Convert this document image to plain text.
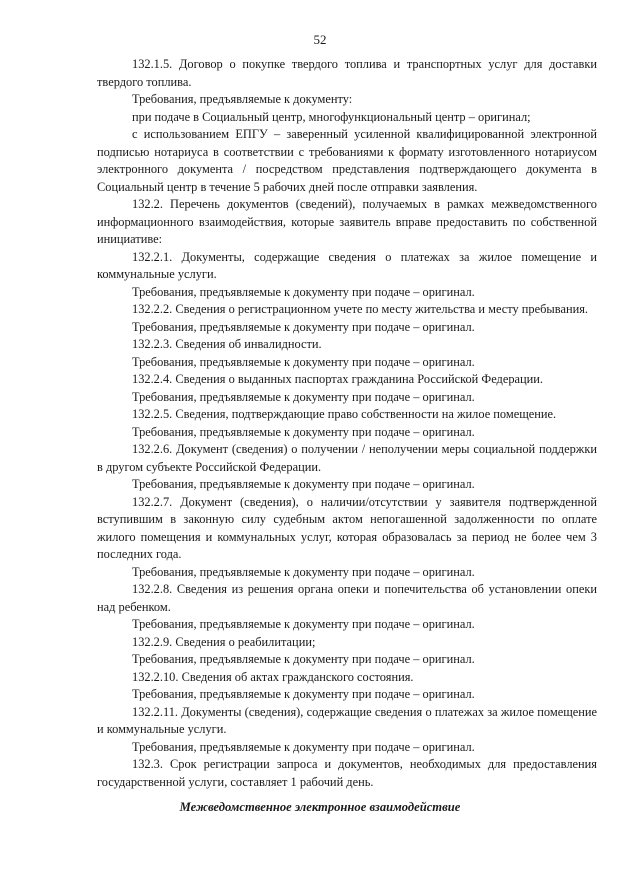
52

132.1.5. Договор о покупке твердого топлива и транспортных услуг для доставки твердого топлива.

Требования, предъявляемые к документу:

при подаче в Социальный центр, многофункциональный центр – оригинал;

с использованием ЕПГУ – заверенный усиленной квалифицированной электронной подписью нотариуса в соответствии с требованиями к формату изготовленного нотариусом электронного документа / посредством представления подтверждающего документа в Социальный центр в течение 5 рабочих дней после отправки заявления.

132.2. Перечень документов (сведений), получаемых в рамках межведомственного информационного взаимодействия, которые заявитель вправе предоставить по собственной инициативе:

132.2.1. Документы, содержащие сведения о платежах за жилое помещение и коммунальные услуги.

Требования, предъявляемые к документу при подаче – оригинал.

132.2.2. Сведения о регистрационном учете по месту жительства и месту пребывания.

Требования, предъявляемые к документу при подаче – оригинал.

132.2.3. Сведения об инвалидности.

Требования, предъявляемые к документу при подаче – оригинал.

132.2.4. Сведения о выданных паспортах гражданина Российской Федерации.

Требования, предъявляемые к документу при подаче – оригинал.

132.2.5. Сведения, подтверждающие право собственности на жилое помещение.

Требования, предъявляемые к документу при подаче – оригинал.

132.2.6. Документ (сведения) о получении / неполучении меры социальной поддержки в другом субъекте Российской Федерации.

Требования, предъявляемые к документу при подаче – оригинал.

132.2.7. Документ (сведения), о наличии/отсутствии у заявителя подтвержденной вступившим в законную силу судебным актом непогашенной задолженности по оплате жилого помещения и коммунальных услуг, которая образовалась за период не более чем 3 последних года.

Требования, предъявляемые к документу при подаче – оригинал.

132.2.8. Сведения из решения органа опеки и попечительства об установлении опеки над ребенком.

Требования, предъявляемые к документу при подаче – оригинал.

132.2.9. Сведения о реабилитации;

Требования, предъявляемые к документу при подаче – оригинал.

132.2.10. Сведения об актах гражданского состояния.

Требования, предъявляемые к документу при подаче – оригинал.

132.2.11. Документы (сведения), содержащие сведения о платежах за жилое помещение и коммунальные услуги.

Требования, предъявляемые к документу при подаче – оригинал.

132.3. Срок регистрации запроса и документов, необходимых для предоставления государственной услуги, составляет 1 рабочий день.

Межведомственное электронное взаимодействие
